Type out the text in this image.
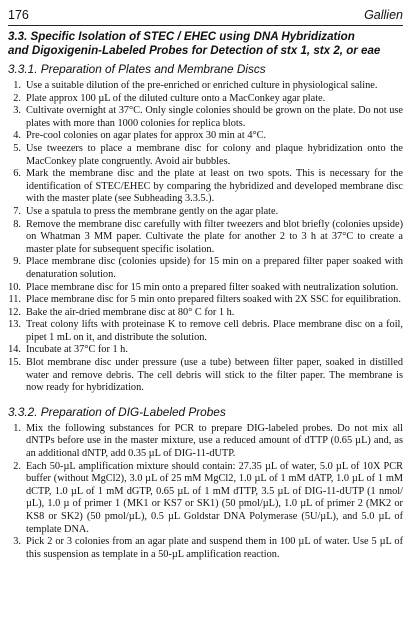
176	Gallien
3.3. Specific Isolation of STEC / EHEC using DNA Hybridization
and Digoxigenin-Labeled Probes for Detection of stx 1, stx 2, or eae
3.3.1. Preparation of Plates and Membrane Discs
1. Use a suitable dilution of the pre-enriched or enriched culture in physiological saline.
2. Plate approx 100 µL of the diluted culture onto a MacConkey agar plate.
3. Cultivate overnight at 37°C. Only single colonies should be grown on the plate. Do not use plates with more than 1000 colonies for replica blots.
4. Pre-cool colonies on agar plates for approx 30 min at 4°C.
5. Use tweezers to place a membrane disc for colony and plaque hybridization onto the MacConkey plate congruently. Avoid air bubbles.
6. Mark the membrane disc and the plate at least on two spots. This is necessary for the identification of STEC/EHEC by comparing the hybridized and developed membrane disc with the master plate (see Subheading 3.3.5.).
7. Use a spatula to press the membrane gently on the agar plate.
8. Remove the membrane disc carefully with filter tweezers and blot briefly (colonies upside) on Whatman 3 MM paper. Cultivate the plate for another 2 to 3 h at 37°C to create a master plate for subsequent specific isolation.
9. Place membrane disc (colonies upside) for 15 min on a prepared filter paper soaked with denaturation solution.
10. Place membrane disc for 15 min onto a prepared filter soaked with neutralization solution.
11. Place membrane disc for 5 min onto prepared filters soaked with 2X SSC for equilibration.
12. Bake the air-dried membrane disc at 80° C for 1 h.
13. Treat colony lifts with proteinase K to remove cell debris. Place membrane disc on a foil, pipet 1 mL on it, and distribute the solution.
14. Incubate at 37°C for 1 h.
15. Blot membrane disc under pressure (use a tube) between filter paper, soaked in distilled water and remove debris. The cell debris will stick to the filter paper. The membrane is now ready for hybridization.
3.3.2. Preparation of DIG-Labeled Probes
1. Mix the following substances for PCR to prepare DIG-labeled probes. Do not mix all dNTPs before use in the master mixture, use a reduced amount of dTTP (0.65 µL) and, as an additional dNTP, add 0.35 µL of DIG-11-dUTP.
2. Each 50-µL amplification mixture should contain: 27.35 µL of water, 5.0 µL of 10X PCR buffer (without MgCl2), 3.0 µL of 25 mM MgCl2, 1.0 µL of 1 mM dATP, 1.0 µL of 1 mM dCTP, 1.0 µL of 1 mM dGTP, 0.65 µL of 1 mM dTTP, 3.5 µL of DIG-11-dUTP (1 nmol/µL), 1.0 µ of primer 1 (MK1 or KS7 or SK1) (50 pmol/µL), 1.0 µL of primer 2 (MK2 or KS8 or SK2) (50 pmol/µL), 0.5 µL Goldstar DNA Polymerase (5U/µL), and 5.0 µL of template DNA.
3. Pick 2 or 3 colonies from an agar plate and suspend them in 100 µL of water. Use 5 µL of this suspension as template in a 50-µL amplification reaction.
